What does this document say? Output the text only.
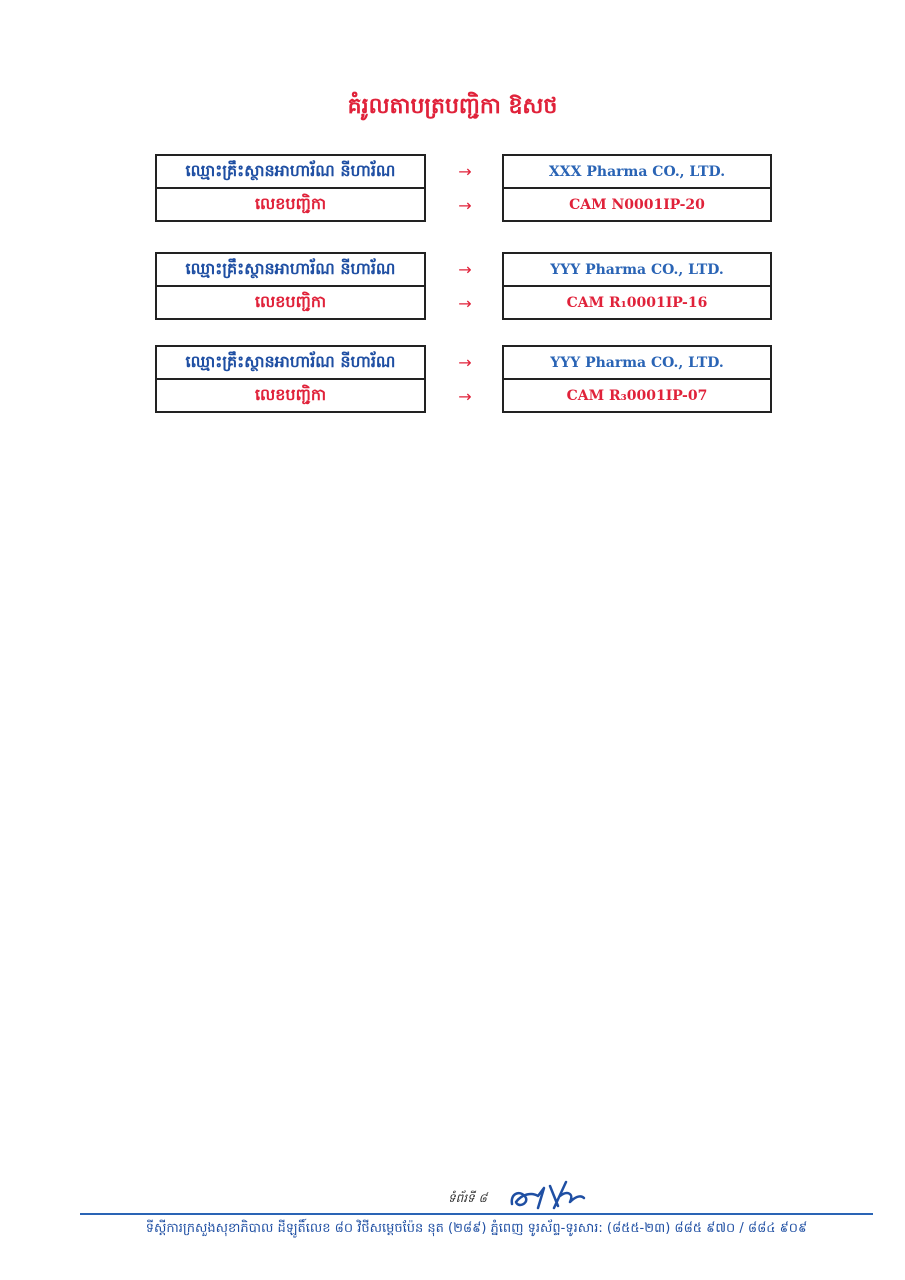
គំរូលតាបត្របញ្ជិកា ឱសថ
ឈ្មោះគ្រឹះស្ថានអាហារ័ណ នីហារ័ណ
លេខបញ្ជិកា
→
→
XXX Pharma CO., LTD.
CAM N0001IP-20
ឈ្មោះគ្រឹះស្ថានអាហារ័ណ នីហារ័ណ
លេខបញ្ជិកា
→
→
YYY Pharma CO., LTD.
CAM R₁0001IP-16
ឈ្មោះគ្រឹះស្ថានអាហារ័ណ នីហារ័ណ
លេខបញ្ជិកា
→
→
YYY Pharma CO., LTD.
CAM R₃0001IP-07
ទំព័រទី ៨
ទីស្តីការក្រសួងសុខាភិបាល ដីឡូតិ៍លេខ ៨០ វិថីសម្តេចប៉ែន នុត (២៨៩) ភ្នំពេញ ទូរស័ព្ទ-ទូរសារ: (៨៥៥-២៣) ៨៨៥ ៩៧០ / ៨៨៤ ៩០៩
